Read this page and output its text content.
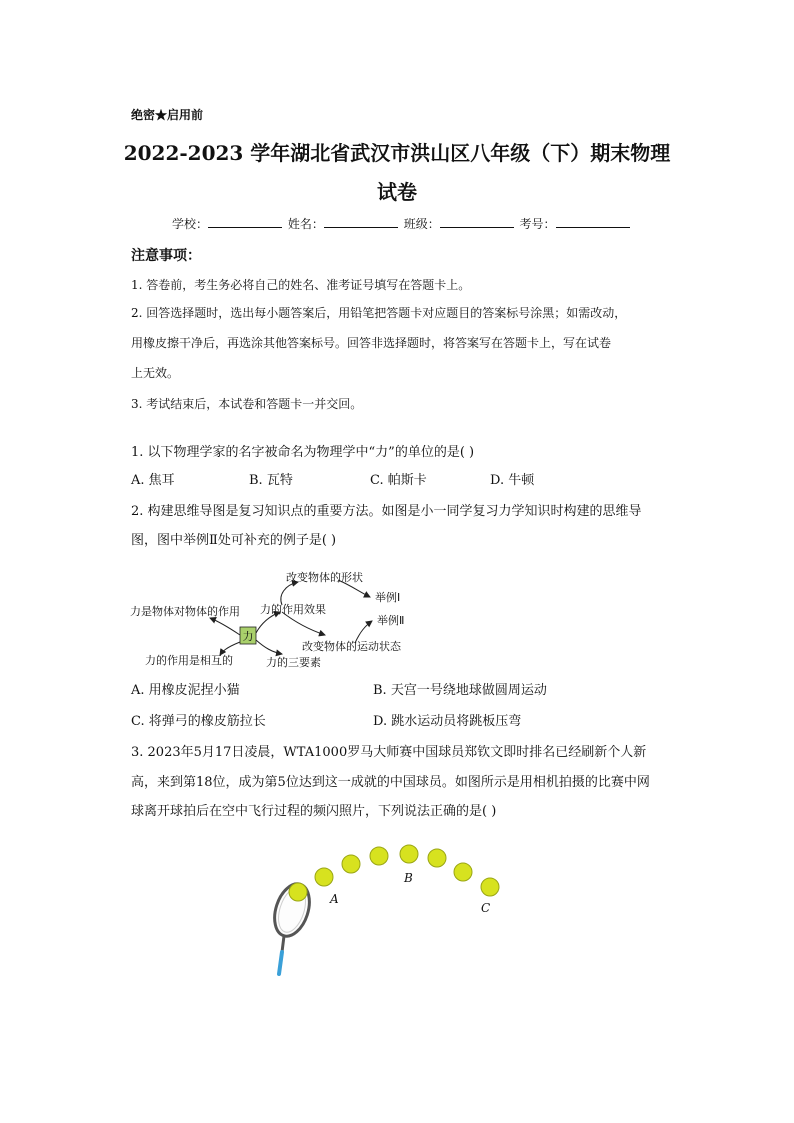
绝密★启用前
2022-2023 学年湖北省武汉市洪山区八年级（下）期末物理
试卷
学校：	姓名：	班级：	考号：
注意事项：
1. 答卷前，考生务必将自己的姓名、准考证号填写在答题卡上。
2. 回答选择题时，选出每小题答案后，用铅笔把答题卡对应题目的答案标号涂黑；如需改动，
用橡皮擦干净后，再选涂其他答案标号。回答非选择题时，将答案写在答题卡上，写在试卷
上无效。
3. 考试结束后，本试卷和答题卡一并交回。
1. 以下物理学家的名字被命名为物理学中“力”的单位的是( )
A. 焦耳	B. 瓦特	C. 帕斯卡	D. 牛顿
2. 构建思维导图是复习知识点的重要方法。如图是小一同学复习力学知识时构建的思维导
图，图中举例Ⅱ处可补充的例子是( )
力
力是物体对物体的作用
力的作用是相互的
力的作用效果
力的三要素
改变物体的形状
改变物体的运动状态
举例Ⅰ
举例Ⅱ
A. 用橡皮泥捏小猫	B. 天宫一号绕地球做圆周运动
C. 将弹弓的橡皮筋拉长	D. 跳水运动员将跳板压弯
3. 2023年5月17日凌晨，WTA1000罗马大师赛中国球员郑钦文即时排名已经刷新个人新
高，来到第18位，成为第5位达到这一成就的中国球员。如图所示是用相机拍摄的比赛中网
球离开球拍后在空中飞行过程的频闪照片，下列说法正确的是( )
A
B
C
